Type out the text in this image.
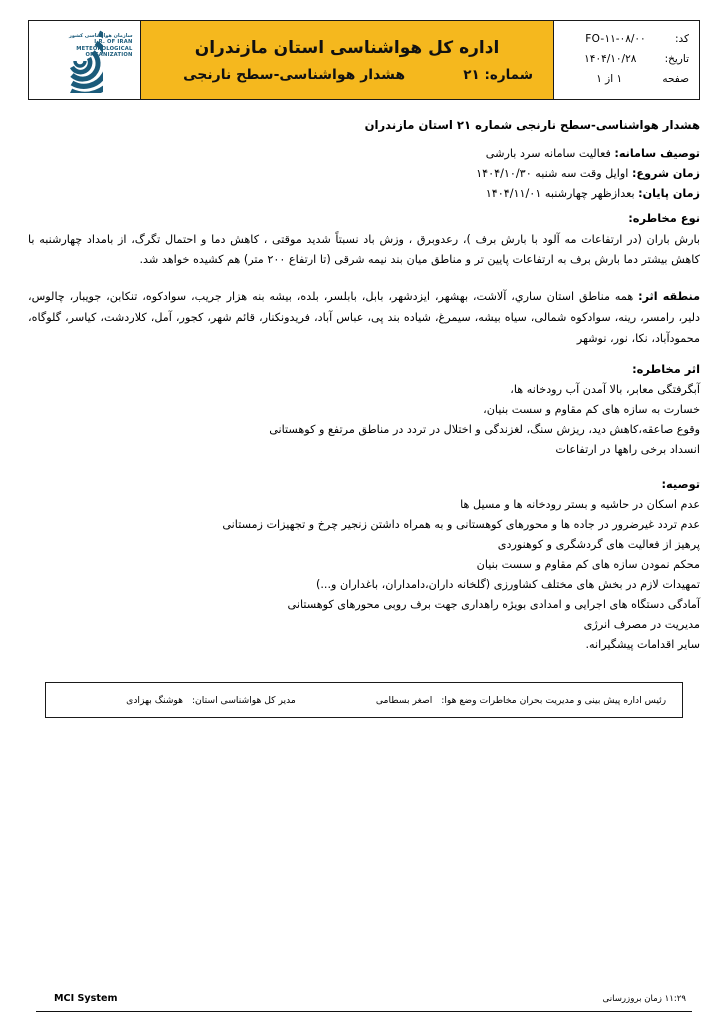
کد:
FO-۱۱-۰۸/۰۰
تاریخ:
۱۴۰۴/۱۰/۲۸
صفحه
۱ از ۱
اداره کل هواشناسی استان مازندران
شماره: ۲۱
هشدار هواشناسی-سطح نارنجی
سازمان هواشناسی کشور
I.R. OF IRAN
METEOROLOGICAL
ORGANIZATION
هشدار هواشناسی-سطح نارنجی شماره ۲۱ استان مازندران
توصیف سامانه: فعالیت سامانه سرد بارشی
زمان شروع: اوایل وقت سه شنبه ۱۴۰۴/۱۰/۳۰
زمان پایان: بعدازظهر چهارشنبه ۱۴۰۴/۱۱/۰۱
نوع مخاطره:
بارش باران (در ارتفاعات مه آلود با بارش برف )، رعدوبرق ، وزش باد نسبتاً شدید موقتی ، کاهش دما و احتمال تگرگ، از بامداد چهارشنبه با کاهش بیشتر دما بارش برف به ارتفاعات پایین تر و مناطق میان بند نیمه شرقی (تا ارتفاع ۲۰۰ متر) هم کشیده خواهد شد.
منطقه اثر: همه مناطق استان ساري، آلاشت، بهشهر، ایزدشهر، بابل، بابلسر، بلده، بیشه بنه هزار جریب، سوادکوه، تنکابن، جویبار، چالوس، دلیر، رامسر، رینه، سوادکوه شمالی، سیاه بیشه، سیمرغ، شیاده بند پی، عباس آباد، فریدونکنار، قائم شهر، کجور، آمل، کلاردشت، کیاسر، گلوگاه، محمودآباد، نکا، نور، نوشهر
اثر مخاطره:
آبگرفتگی معابر، بالا آمدن آب رودخانه ها،
خسارت به سازه های کم مقاوم و سست بنیان،
وقوع صاعقه،کاهش دید، ریزش سنگ، لغزندگی و اختلال در تردد در مناطق مرتفع و کوهستانی
انسداد برخی راهها در ارتفاعات
توصیه:
عدم اسکان در حاشیه و بستر رودخانه ها و مسیل ها
عدم تردد غیرضرور در جاده ها و محورهای کوهستانی و به همراه داشتن زنجیر چرخ و تجهیزات زمستانی
پرهیز از فعالیت های گردشگری و کوهنوردی
محکم نمودن سازه های کم مقاوم و سست بنیان
تمهیدات لازم در بخش های مختلف کشاورزی (گلخانه داران،دامداران، باغداران و...)
آمادگی دستگاه های اجرایی و امدادی بویژه راهداری جهت برف روبی محورهای کوهستانی
مدیریت در مصرف انرژی
سایر اقدامات پیشگیرانه.
رئیس اداره پیش بینی و مدیریت بحران مخاطرات وضع هوا: اصغر بسطامی
مدیر کل هواشناسی استان: هوشنگ بهزادی
MCI System	۱۱:۲۹ زمان بروزرسانی
